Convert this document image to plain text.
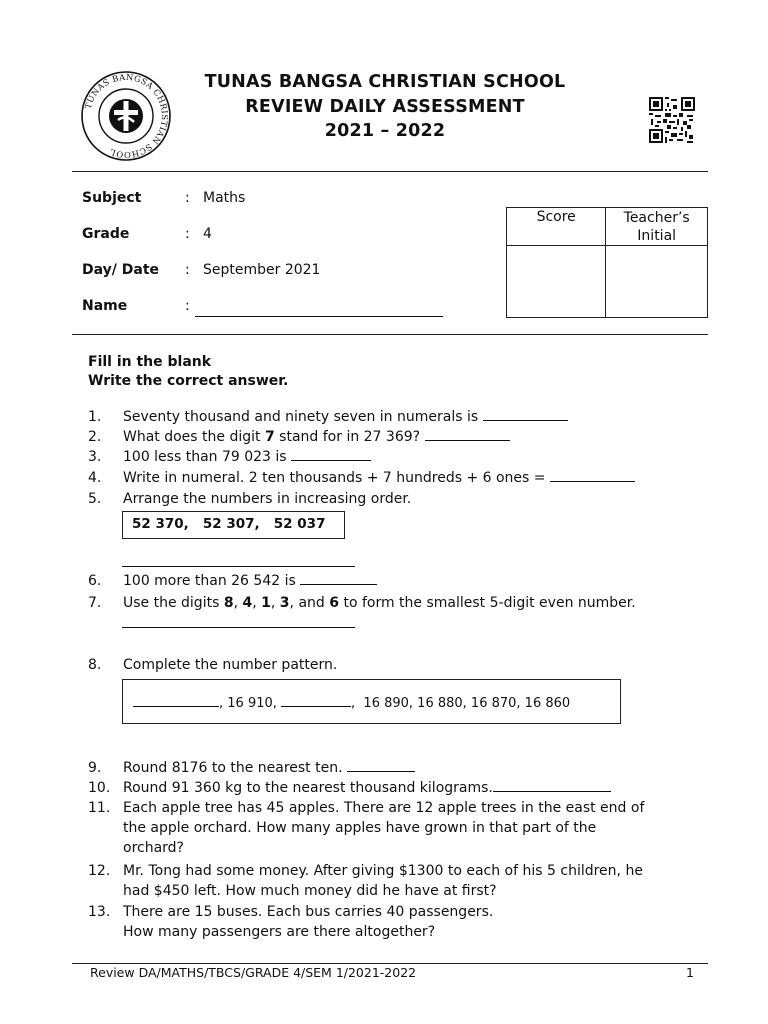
TUNAS BANGSA CHRISTIAN SCHOOL
TUNAS BANGSA CHRISTIAN SCHOOL
REVIEW DAILY ASSESSMENT
2021 – 2022
Subject	: Maths
Grade	: 4
Day/ Date : September 2021
Name	:
Score	Teacher’s
Initial

Fill in the blank
Write the correct answer.
1. Seventy thousand and ninety seven in numerals is
2. What does the digit 7 stand for in 27 369?
3. 100 less than 79 023 is
4. Write in numeral. 2 ten thousands + 7 hundreds + 6 ones =
5. Arrange the numbers in increasing order.
52 370,   52 307,   52 037
6. 100 more than 26 542 is
7. Use the digits 8, 4, 1, 3, and 6 to form the smallest 5-digit even number.
8. Complete the number pattern.
, 16 910,	,  16 890, 16 880, 16 870, 16 860
9. Round 8176 to the nearest ten.
10. Round 91 360 kg to the nearest thousand kilograms.
11. Each apple tree has 45 apples. There are 12 apple trees in the east end of
the apple orchard. How many apples have grown in that part of the
orchard?
12. Mr. Tong had some money. After giving $1300 to each of his 5 children, he
had $450 left. How much money did he have at first?
13. There are 15 buses. Each bus carries 40 passengers.
How many passengers are there altogether?
Review DA/MATHS/TBCS/GRADE 4/SEM 1/2021-2022	1
